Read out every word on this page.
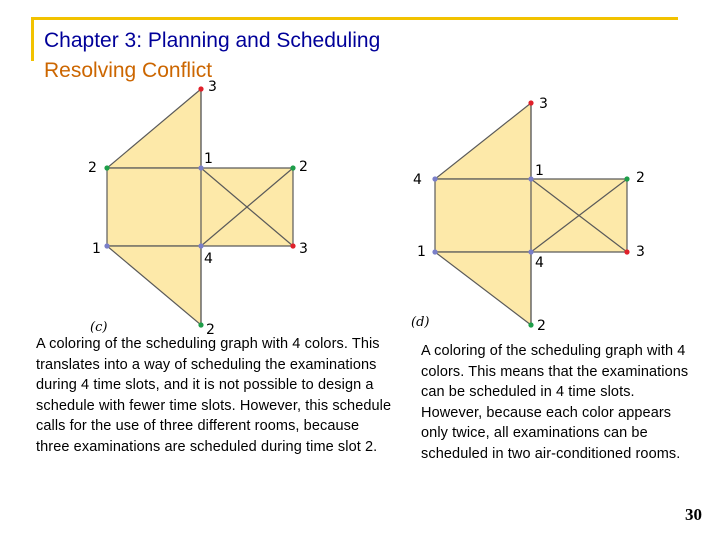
Chapter 3: Planning and Scheduling
Resolving Conflict
3
2
1	2
1
4
3
2
(c)
3
4
1	2
1
4
3
2
(d)
A coloring of the scheduling graph with 4 colors. This translates into a way of scheduling the examinations during 4 time slots, and it is not possible to design a schedule with fewer time slots. However, this schedule calls for the use of three different rooms, because three examinations are scheduled during time slot 2.
A coloring of the scheduling graph with 4 colors. This means that the examinations can be scheduled in 4 time slots. However, because each color appears only twice, all examinations can be scheduled in two air-conditioned rooms.
30
